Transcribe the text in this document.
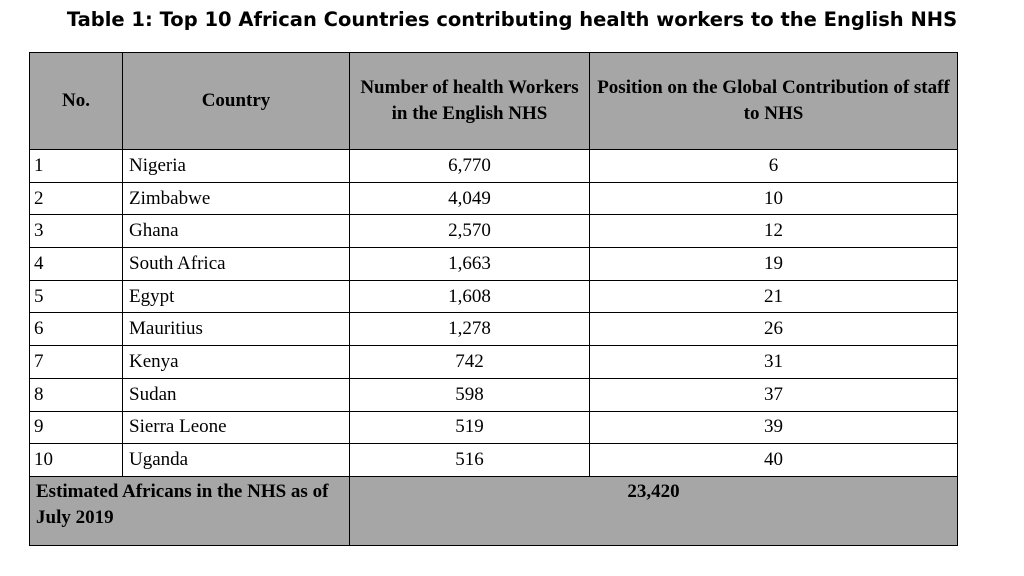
Table 1: Top 10 African Countries contributing health workers to the English NHS
No.	Country	Number of health Workers in the English NHS	Position on the Global Contribution of staff to NHS
1	Nigeria	6,770	6
2	Zimbabwe	4,049	10
3	Ghana	2,570	12
4	South Africa	1,663	19
5	Egypt	1,608	21
6	Mauritius	1,278	26
7	Kenya	742	31
8	Sudan	598	37
9	Sierra Leone	519	39
10	Uganda	516	40
Estimated Africans in the NHS as of July 2019		23,420	
